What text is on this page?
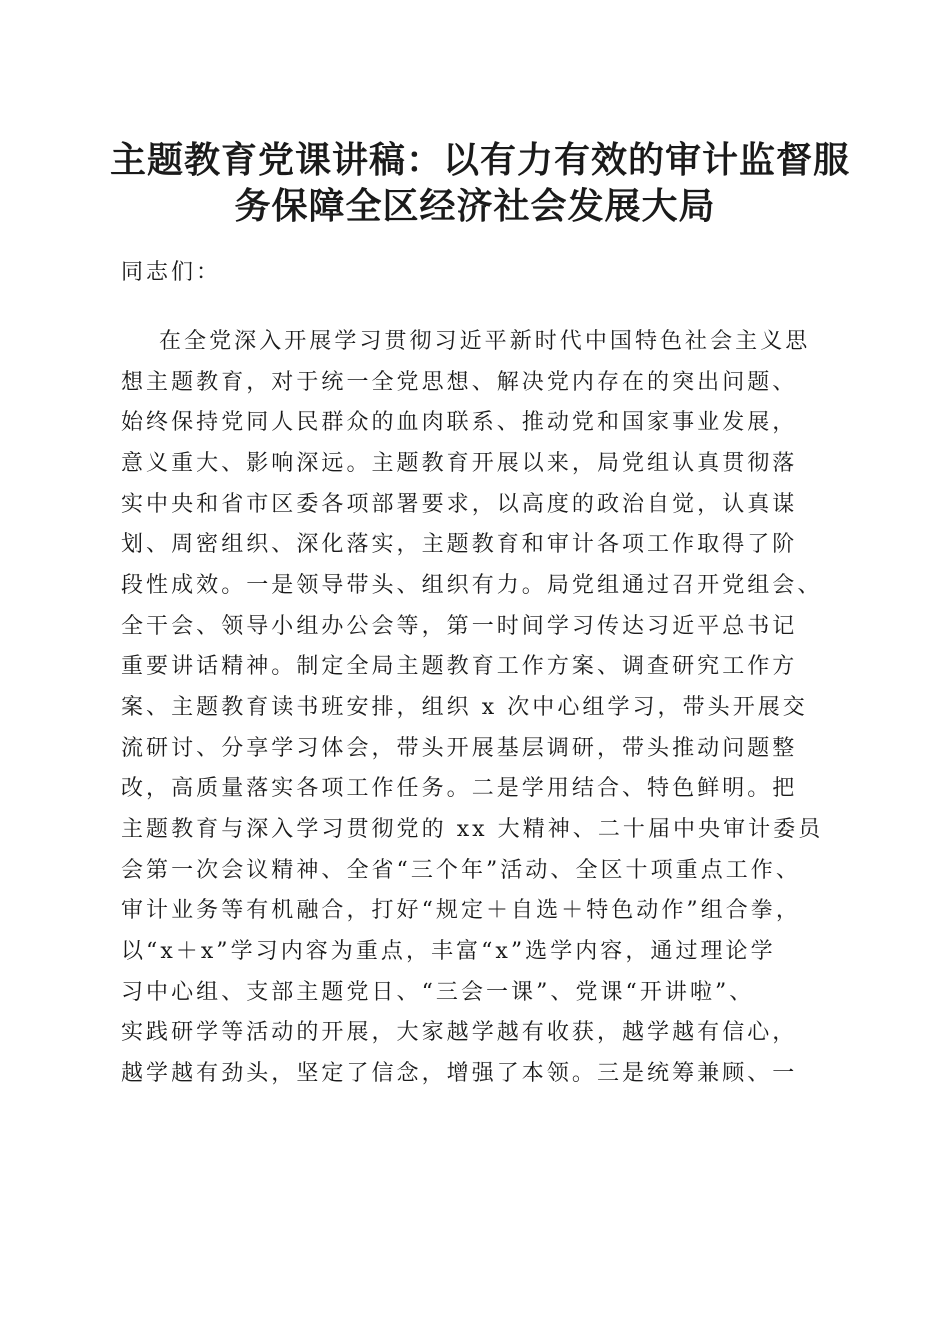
主题教育党课讲稿：以有力有效的审计监督服
务保障全区经济社会发展大局

同志们：

在全党深入开展学习贯彻习近平新时代中国特色社会主义思
想主题教育，对于统一全党思想、解决党内存在的突出问题、
始终保持党同人民群众的血肉联系、推动党和国家事业发展，
意义重大、影响深远。主题教育开展以来，局党组认真贯彻落
实中央和省市区委各项部署要求，以高度的政治自觉，认真谋
划、周密组织、深化落实，主题教育和审计各项工作取得了阶
段性成效。一是领导带头、组织有力。局党组通过召开党组会、
全干会、领导小组办公会等，第一时间学习传达习近平总书记
重要讲话精神。制定全局主题教育工作方案、调查研究工作方
案、主题教育读书班安排，组织 x 次中心组学习，带头开展交
流研讨、分享学习体会，带头开展基层调研，带头推动问题整
改，高质量落实各项工作任务。二是学用结合、特色鲜明。把
主题教育与深入学习贯彻党的 xx 大精神、二十届中央审计委员
会第一次会议精神、全省“三个年”活动、全区十项重点工作、
审计业务等有机融合，打好“规定＋自选＋特色动作”组合拳，
以“x＋x”学习内容为重点，丰富“x”选学内容，通过理论学
习中心组、支部主题党日、“三会一课”、党课“开讲啦”、
实践研学等活动的开展，大家越学越有收获，越学越有信心，
越学越有劲头，坚定了信念，增强了本领。三是统筹兼顾、一
